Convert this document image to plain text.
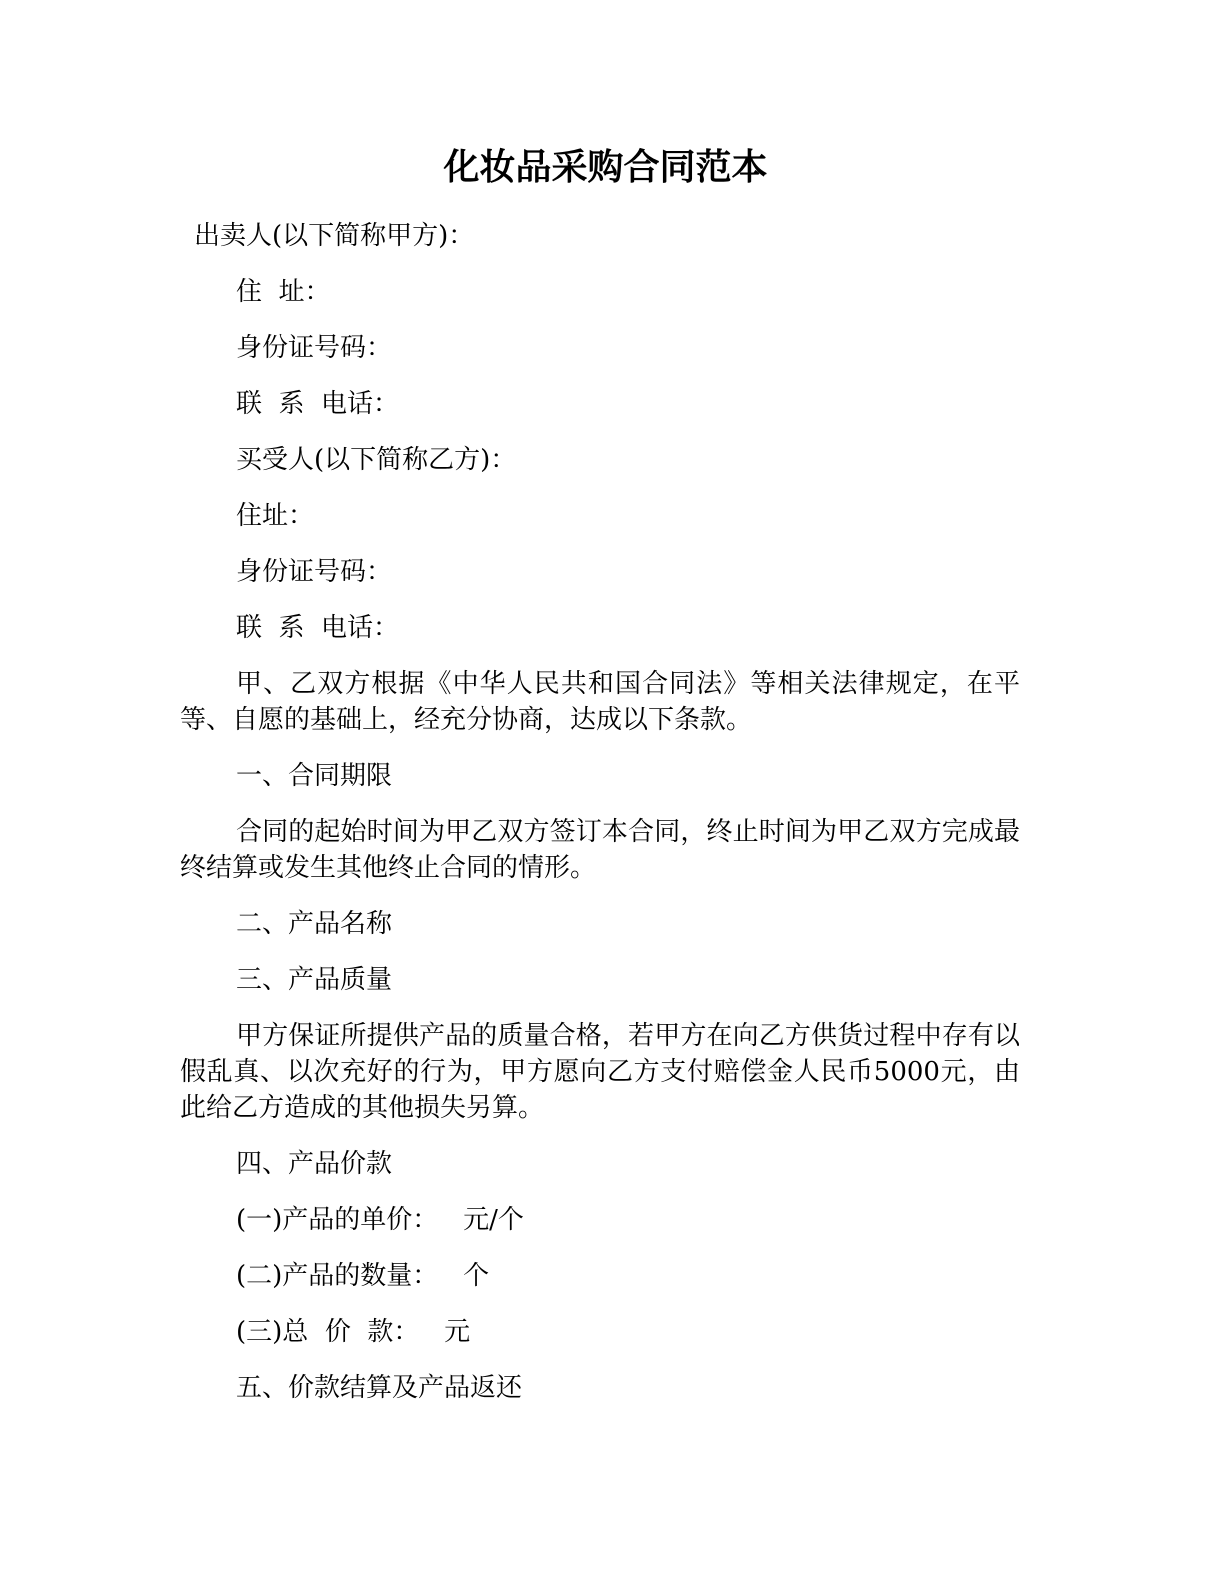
化妆品采购合同范本

出卖人(以下简称甲方)：

住  址：

身份证号码：

联  系  电话：

买受人(以下简称乙方)：

住址：

身份证号码：

联  系  电话：

甲、乙双方根据《中华人民共和国合同法》等相关法律规定，在平等、自愿的基础上，经充分协商，达成以下条款。

一、合同期限

合同的起始时间为甲乙双方签订本合同，终止时间为甲乙双方完成最终结算或发生其他终止合同的情形。

二、产品名称

三、产品质量

甲方保证所提供产品的质量合格，若甲方在向乙方供货过程中存有以假乱真、以次充好的行为，甲方愿向乙方支付赔偿金人民币5000元，由此给乙方造成的其他损失另算。

四、产品价款

(一)产品的单价：   元/个

(二)产品的数量：   个

(三)总  价  款：   元

五、价款结算及产品返还
